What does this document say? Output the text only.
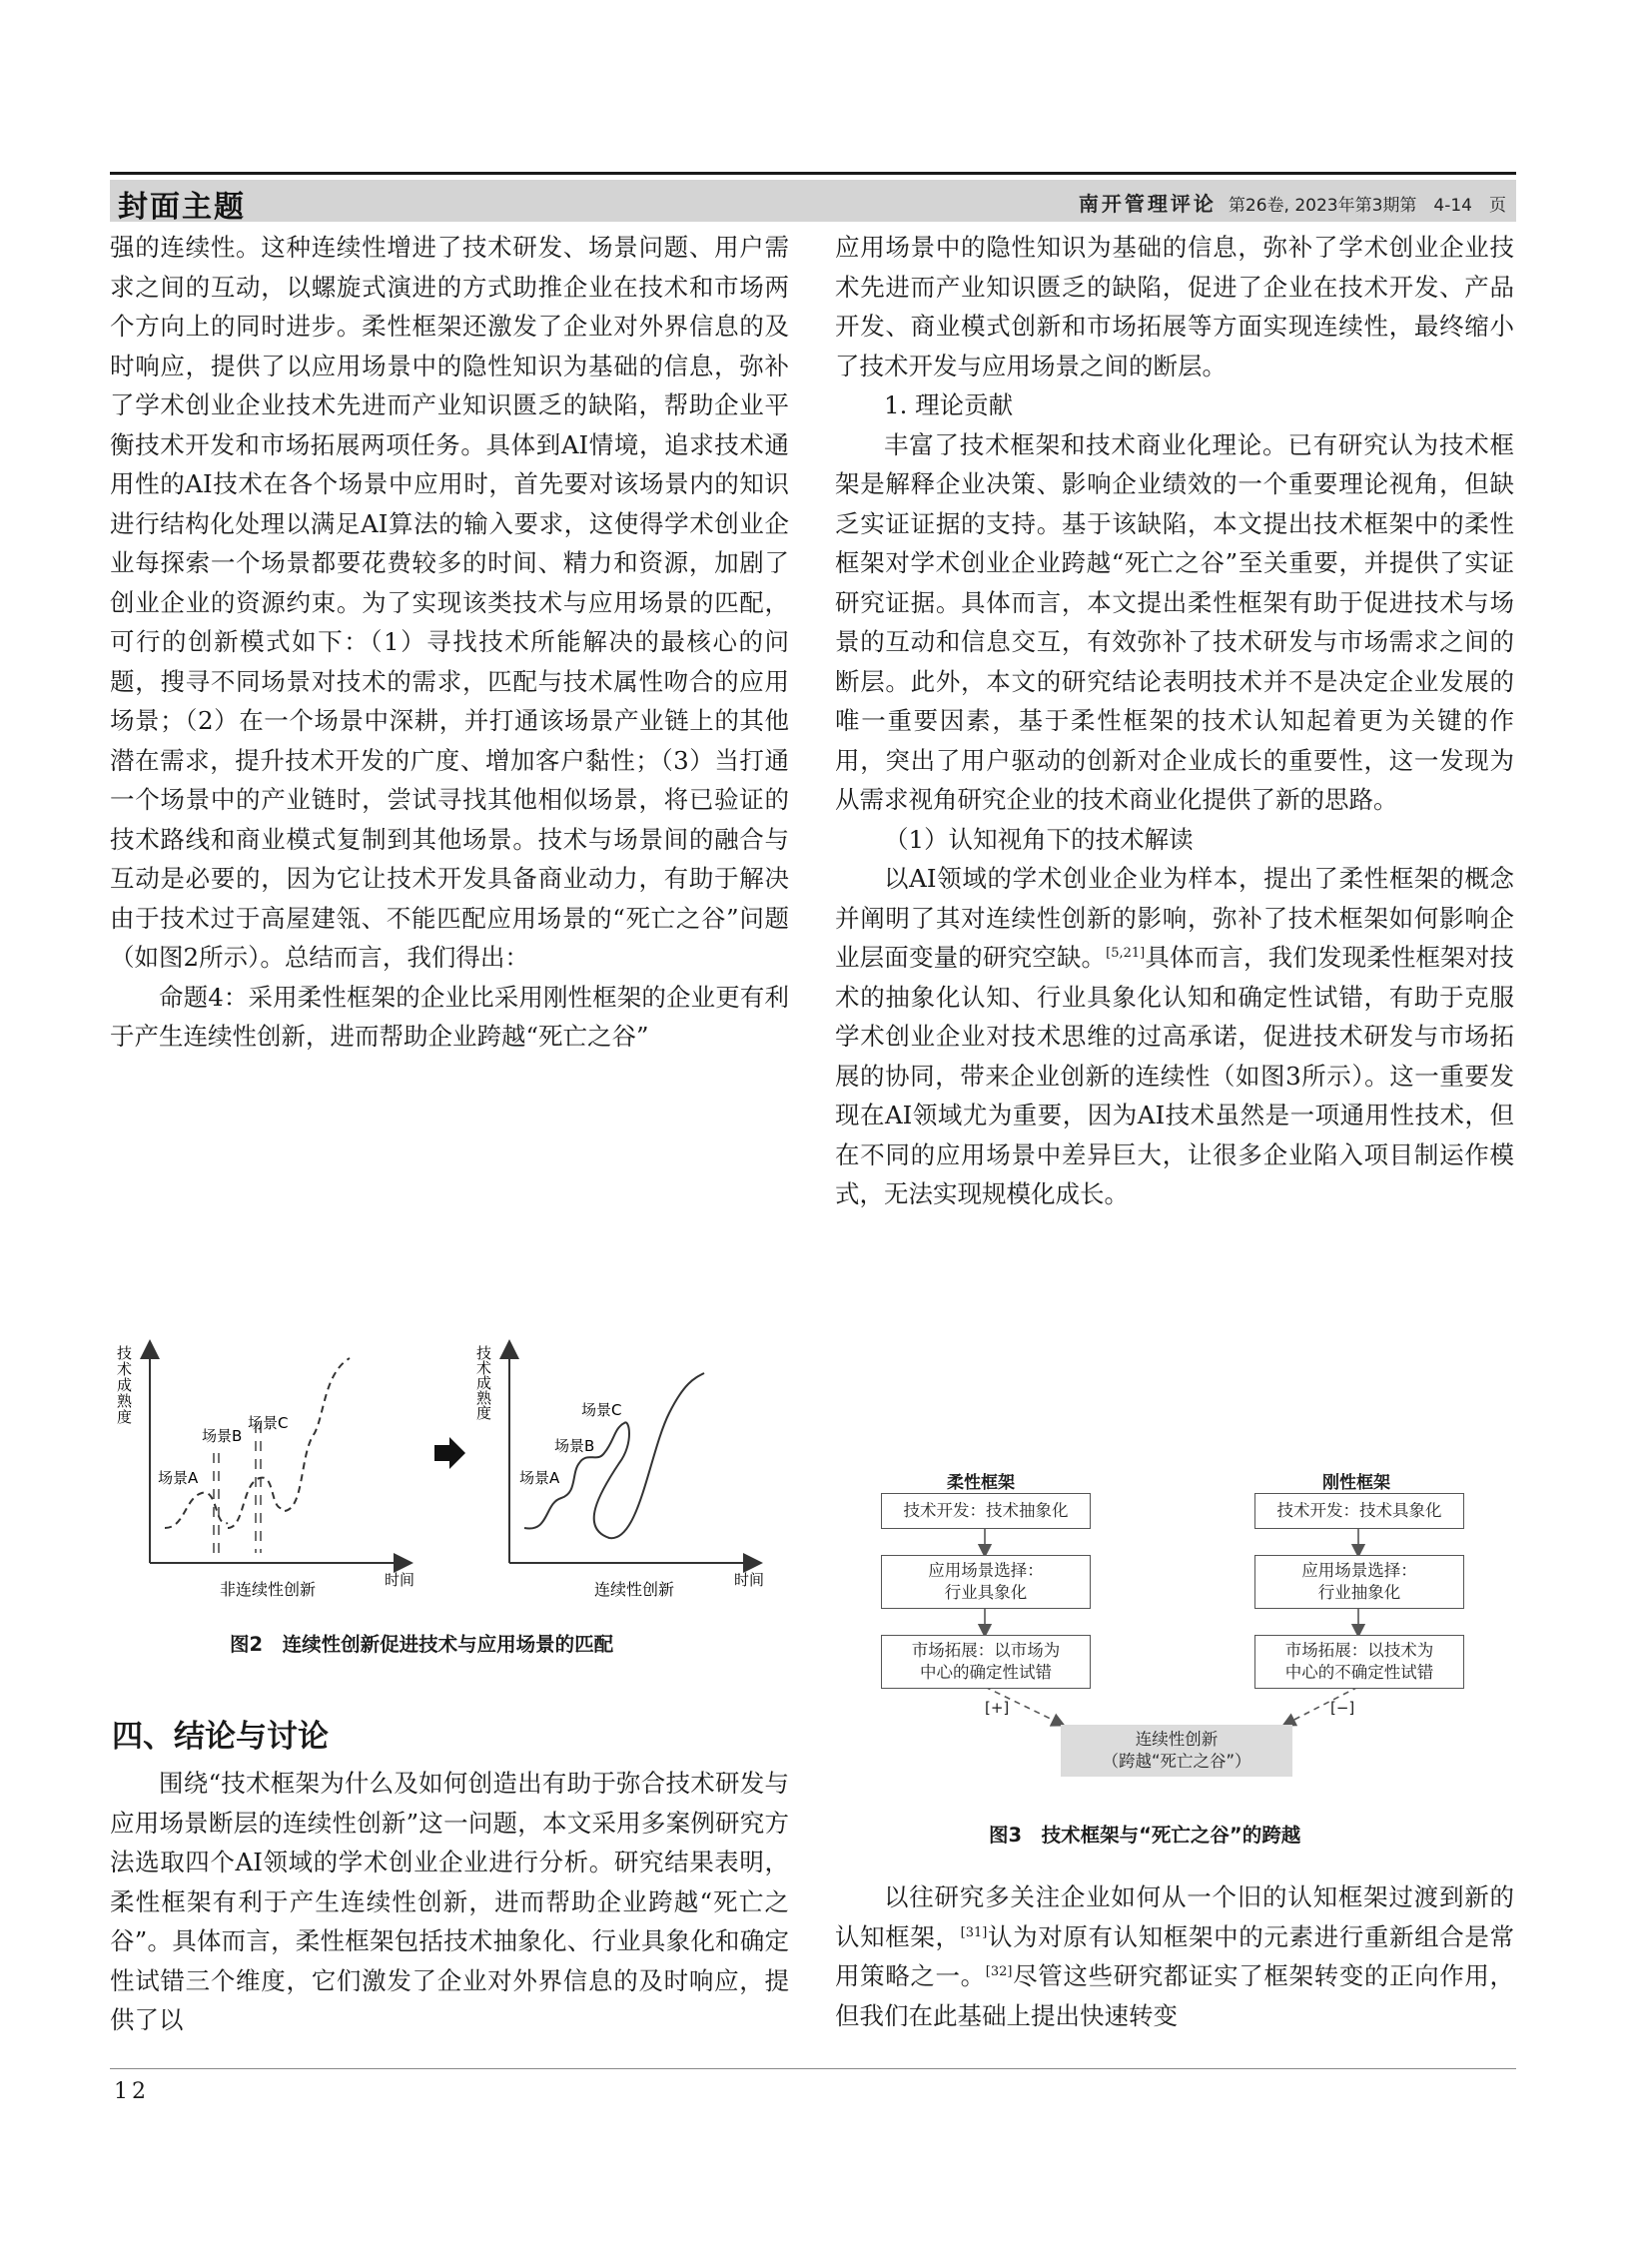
封面主题	南开管理评论 第26卷, 2023年第3期第　4-14　页

强的连续性。这种连续性增进了技术研发、场景问题、用户需求之间的互动，以螺旋式演进的方式助推企业在技术和市场两个方向上的同时进步。柔性框架还激发了企业对外界信息的及时响应，提供了以应用场景中的隐性知识为基础的信息，弥补了学术创业企业技术先进而产业知识匮乏的缺陷，帮助企业平衡技术开发和市场拓展两项任务。具体到AI情境，追求技术通用性的AI技术在各个场景中应用时，首先要对该场景内的知识进行结构化处理以满足AI算法的输入要求，这使得学术创业企业每探索一个场景都要花费较多的时间、精力和资源，加剧了创业企业的资源约束。为了实现该类技术与应用场景的匹配，可行的创新模式如下：（1）寻找技术所能解决的最核心的问题，搜寻不同场景对技术的需求，匹配与技术属性吻合的应用场景；（2）在一个场景中深耕，并打通该场景产业链上的其他潜在需求，提升技术开发的广度、增加客户黏性；（3）当打通一个场景中的产业链时，尝试寻找其他相似场景，将已验证的技术路线和商业模式复制到其他场景。技术与场景间的融合与互动是必要的，因为它让技术开发具备商业动力，有助于解决由于技术过于高屋建瓴、不能匹配应用场景的“死亡之谷”问题（如图2所示）。总结而言，我们得出：

命题4：采用柔性框架的企业比采用刚性框架的企业更有利于产生连续性创新，进而帮助企业跨越“死亡之谷”

技术成熟度
时间
非连续性创新
场景A
场景B
场景C
技术成熟度
时间
连续性创新
场景A
场景B
场景C
图2　连续性创新促进技术与应用场景的匹配
四、结论与讨论

围绕“技术框架为什么及如何创造出有助于弥合技术研发与应用场景断层的连续性创新”这一问题，本文采用多案例研究方法选取四个AI领域的学术创业企业进行分析。研究结果表明，柔性框架有利于产生连续性创新，进而帮助企业跨越“死亡之谷”。具体而言，柔性框架包括技术抽象化、行业具象化和确定性试错三个维度，它们激发了企业对外界信息的及时响应，提供了以

应用场景中的隐性知识为基础的信息，弥补了学术创业企业技术先进而产业知识匮乏的缺陷，促进了企业在技术开发、产品开发、商业模式创新和市场拓展等方面实现连续性，最终缩小了技术开发与应用场景之间的断层。

1. 理论贡献

丰富了技术框架和技术商业化理论。已有研究认为技术框架是解释企业决策、影响企业绩效的一个重要理论视角，但缺乏实证证据的支持。基于该缺陷，本文提出技术框架中的柔性框架对学术创业企业跨越“死亡之谷”至关重要，并提供了实证研究证据。具体而言，本文提出柔性框架有助于促进技术与场景的互动和信息交互，有效弥补了技术研发与市场需求之间的断层。此外，本文的研究结论表明技术并不是决定企业发展的唯一重要因素，基于柔性框架的技术认知起着更为关键的作用，突出了用户驱动的创新对企业成长的重要性，这一发现为从需求视角研究企业的技术商业化提供了新的思路。

（1）认知视角下的技术解读

以AI领域的学术创业企业为样本，提出了柔性框架的概念并阐明了其对连续性创新的影响，弥补了技术框架如何影响企业层面变量的研究空缺。[5,21]具体而言，我们发现柔性框架对技术的抽象化认知、行业具象化认知和确定性试错，有助于克服学术创业企业对技术思维的过高承诺，促进技术研发与市场拓展的协同，带来企业创新的连续性（如图3所示）。这一重要发现在AI领域尤为重要，因为AI技术虽然是一项通用性技术，但在不同的应用场景中差异巨大，让很多企业陷入项目制运作模式，无法实现规模化成长。

柔性框架	刚性框架
技术开发：技术抽象化
应用场景选择：
行业具象化
市场拓展：以市场为
中心的确定性试错
技术开发：技术具象化
应用场景选择：
行业抽象化
市场拓展：以技术为
中心的不确定性试错
连续性创新
（跨越“死亡之谷”）
[+]	[−]
图3　技术框架与“死亡之谷”的跨越

以往研究多关注企业如何从一个旧的认知框架过渡到新的认知框架，[31]认为对原有认知框架中的元素进行重新组合是常用策略之一。[32]尽管这些研究都证实了框架转变的正向作用，但我们在此基础上提出快速转变

12
